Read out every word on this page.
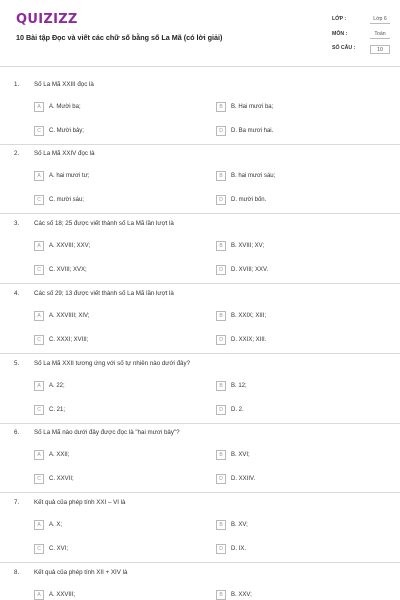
QUIZIZZ
10 Bài tập Đọc và viết các chữ số bằng số La Mã (có lời giải)
LỚP :	Lớp 6
MÔN :	Toán
SỐ CÂU :	10
1. Số La Mã XXIII đọc là
A	A. Mười ba;	B	B. Hai mươi ba;
C	C. Mười bảy;	D	D. Ba mươi hai.
2. Số La Mã XXIV đọc là
A	A. hai mươi tư;	B	B. hai mươi sáu;
C	C. mười sáu;	D	D. mười bốn.
3. Các số 18; 25 được viết thành số La Mã lần lượt là
A	A. XXVIII; XXV;	B	B. XVIII; XV;
C	C. XVIII; XVX;	D	D. XVIII; XXV.
4. Các số 29; 13 được viết thành số La Mã lần lượt là
A	A. XXVIIII; XIV;	B	B. XXIX; XIII;
C	C. XXXI; XVIII;	D	D. XXIX; XIII.
5. Số La Mã XXII tương ứng với số tự nhiên nào dưới đây?
A	A. 22;	B	B. 12;
C	C. 21;	D	D. 2.
6. Số La Mã nào dưới đây được đọc là "hai mươi bảy"?
A	A. XXII;	B	B. XVI;
C	C. XXVII;	D	D. XXIIV.
7. Kết quả của phép tính XXI – VI là
A	A. X;	B	B. XV;
C	C. XVI;	D	D. IX.
8. Kết quả của phép tính XII + XIV là
A	A. XXVIII;	B	B. XXV;
